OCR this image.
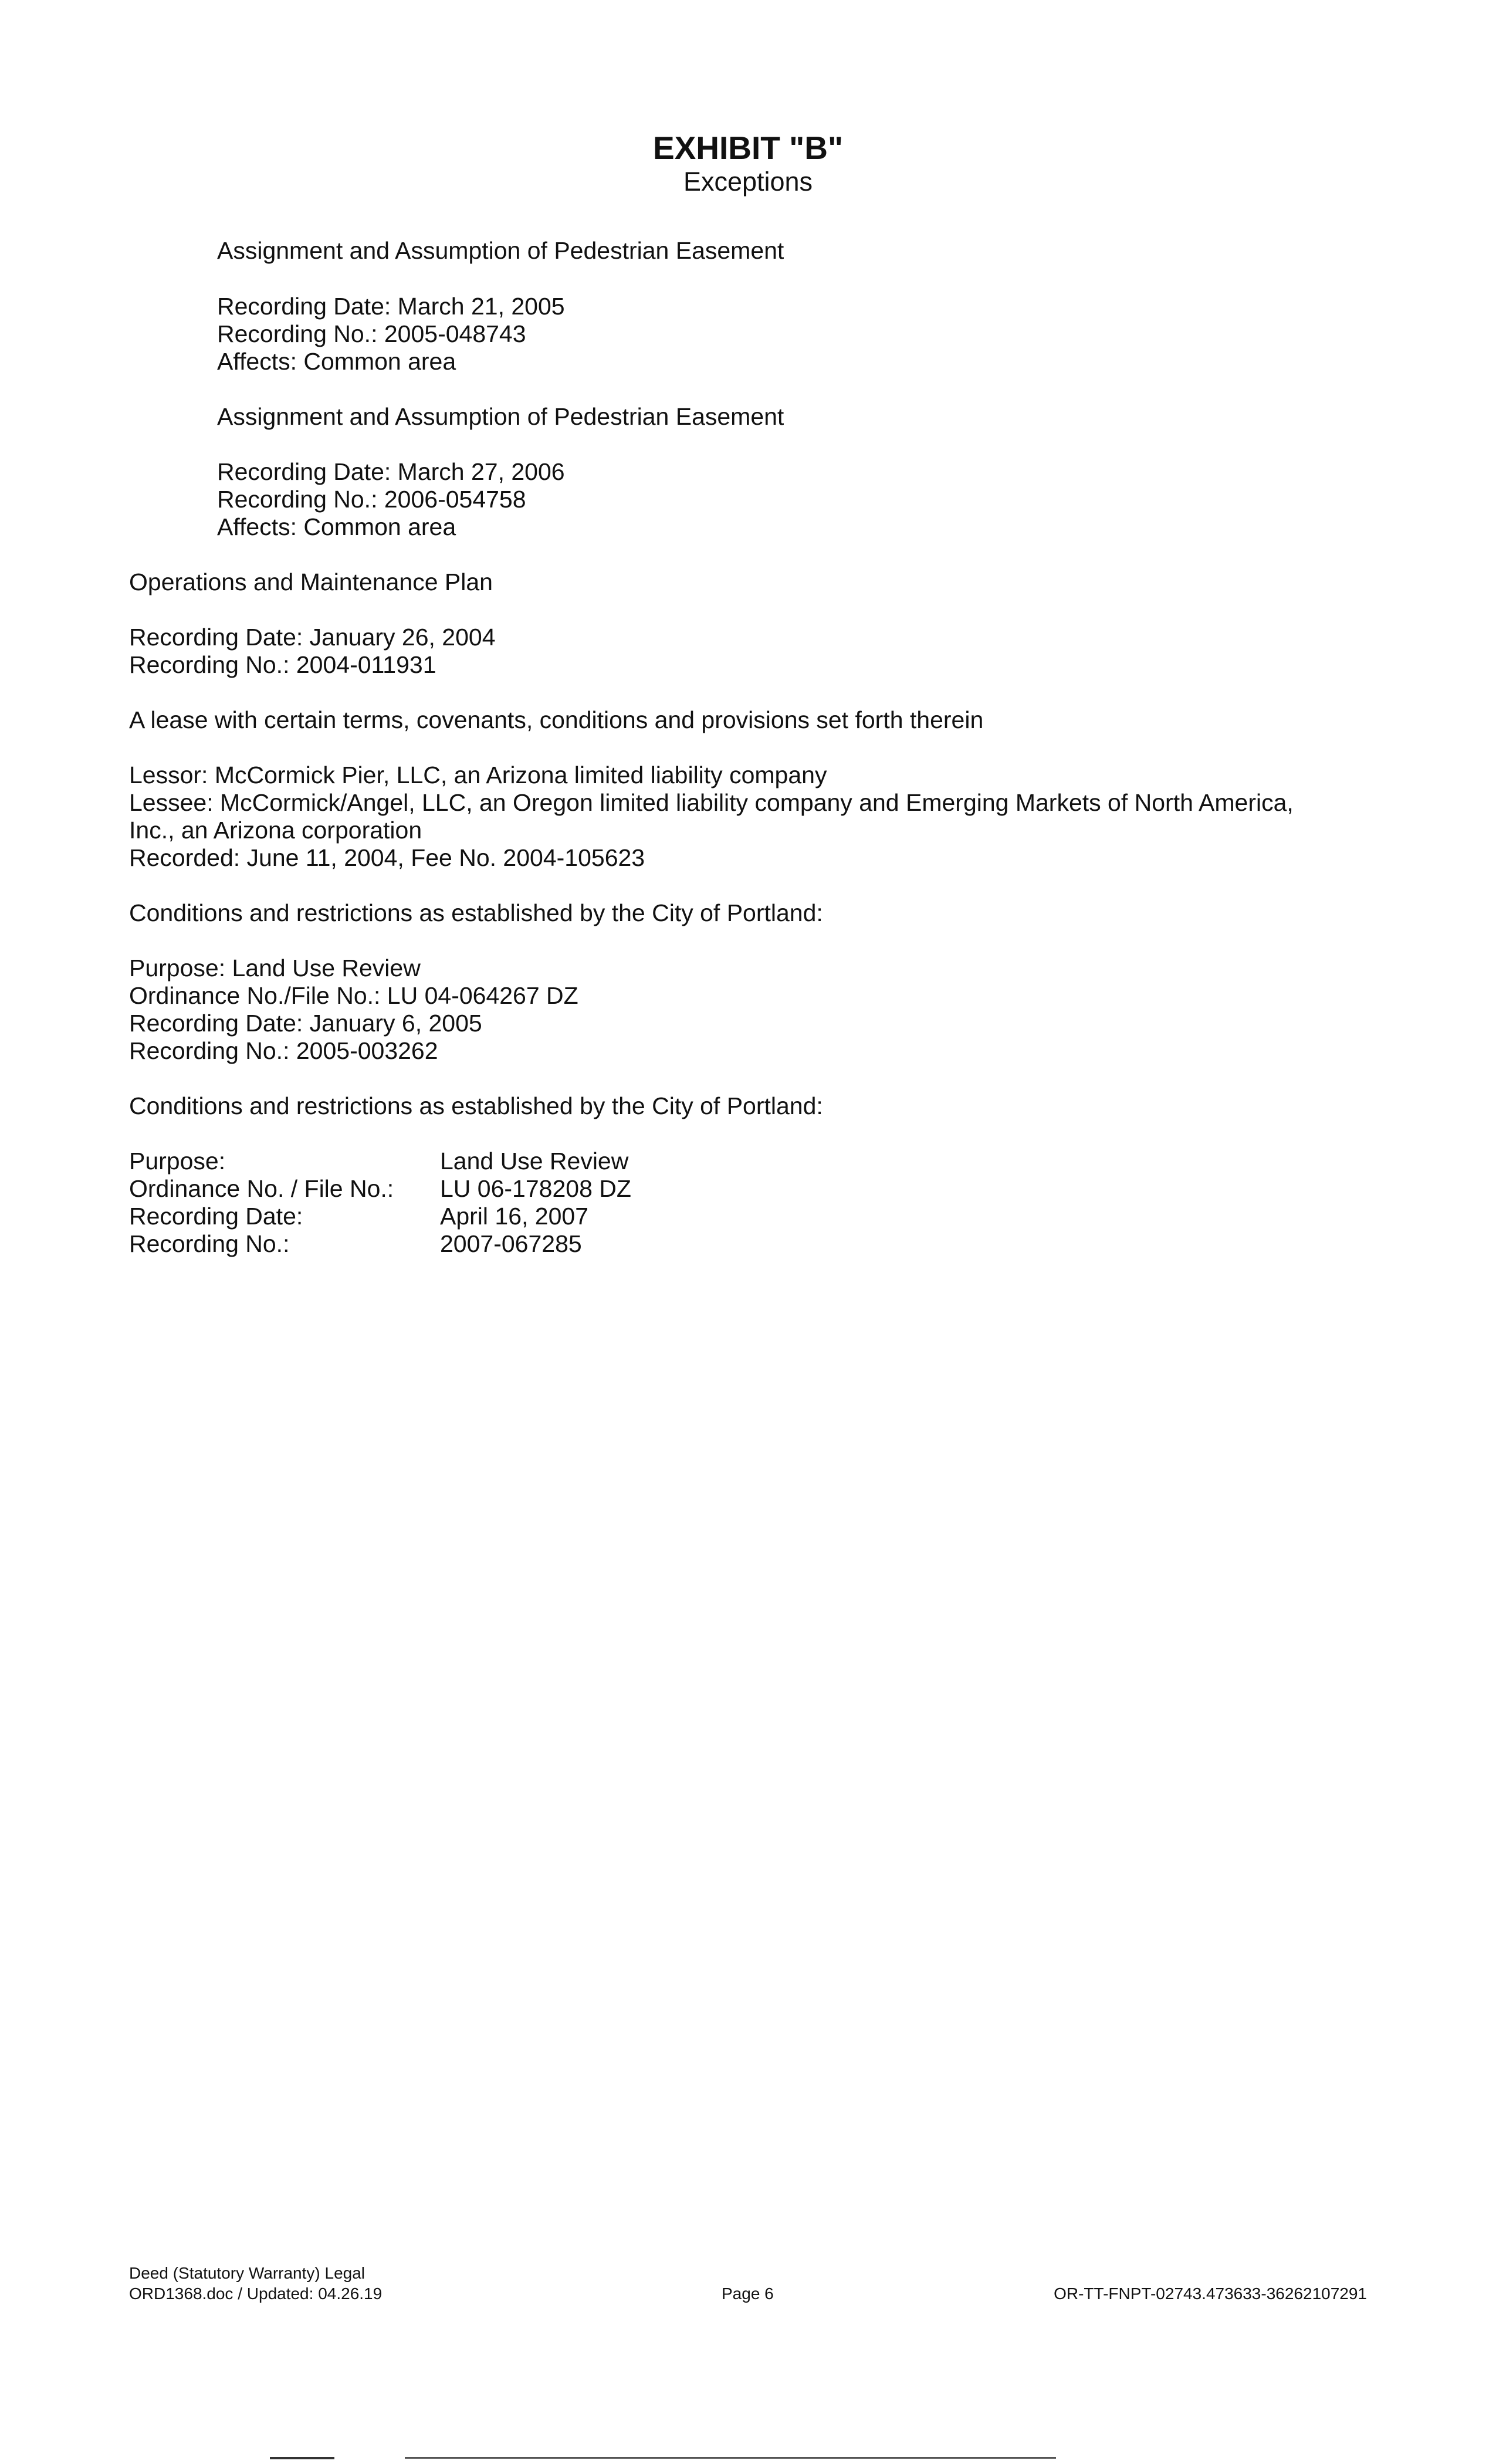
EXHIBIT "B"
Exceptions
Assignment and Assumption of Pedestrian Easement
Recording Date: March 21, 2005
Recording No.: 2005-048743
Affects: Common area
Assignment and Assumption of Pedestrian Easement
Recording Date: March 27, 2006
Recording No.: 2006-054758
Affects: Common area
Operations and Maintenance Plan
Recording Date: January 26, 2004
Recording No.: 2004-011931
A lease with certain terms, covenants, conditions and provisions set forth therein
Lessor: McCormick Pier, LLC, an Arizona limited liability company
Lessee: McCormick/Angel, LLC, an Oregon limited liability company and Emerging Markets of North America,
Inc., an Arizona corporation
Recorded: June 11, 2004, Fee No. 2004-105623
Conditions and restrictions as established by the City of Portland:
Purpose: Land Use Review
Ordinance No./File No.: LU 04-064267 DZ
Recording Date: January 6, 2005
Recording No.: 2005-003262
Conditions and restrictions as established by the City of Portland:
Purpose:	Land Use Review
Ordinance No. / File No.: LU 06-178208 DZ
Recording Date:	April 16, 2007
Recording No.:	2007-067285
Deed (Statutory Warranty) Legal
ORD1368.doc / Updated: 04.26.19	Page 6	OR-TT-FNPT-02743.473633-36262107291
